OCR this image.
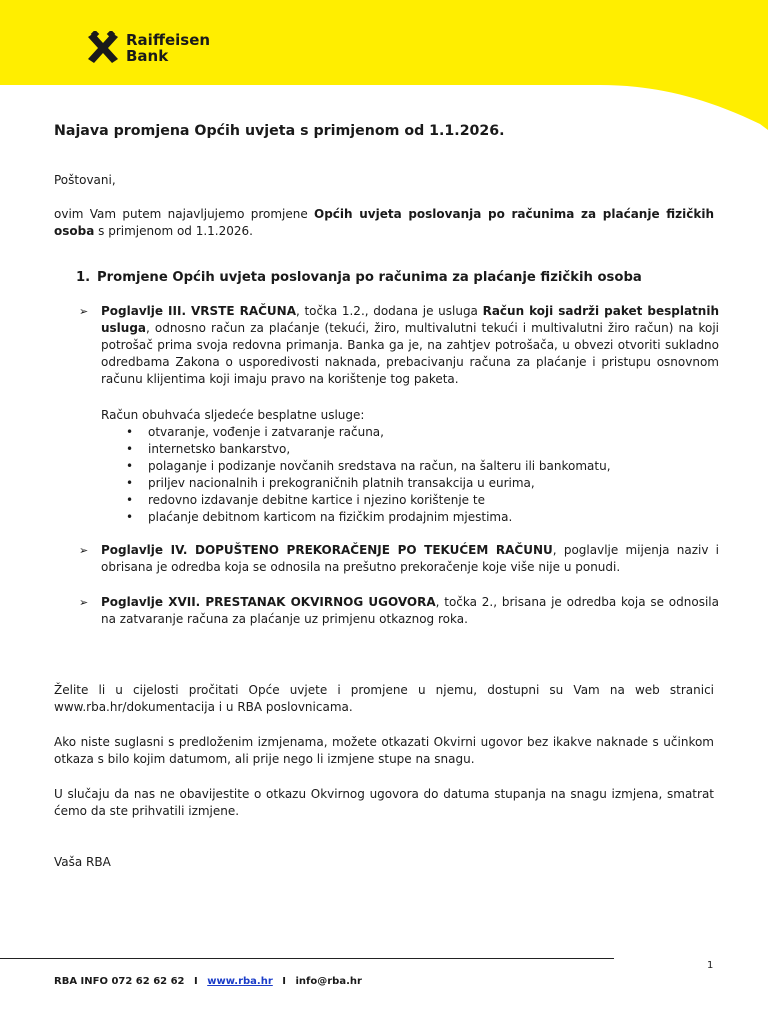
Raiffeisen
Bank
Najava promjena Općih uvjeta s primjenom od 1.1.2026.
Poštovani,
ovim Vam putem najavljujemo promjene Općih uvjeta poslovanja po računima za plaćanje fizičkih osoba s primjenom od 1.1.2026.
1. Promjene Općih uvjeta poslovanja po računima za plaćanje fizičkih osoba
➢ Poglavlje III. VRSTE RAČUNA, točka 1.2., dodana je usluga Račun koji sadrži paket besplatnih usluga, odnosno račun za plaćanje (tekući, žiro, multivalutni tekući i multivalutni žiro račun) na koji potrošač prima svoja redovna primanja. Banka ga je, na zahtjev potrošača, u obvezi otvoriti sukladno odredbama Zakona o usporedivosti naknada, prebacivanju računa za plaćanje i pristupu osnovnom računu klijentima koji imaju pravo na korištenje tog paketa.
Račun obuhvaća sljedeće besplatne usluge:
• otvaranje, vođenje i zatvaranje računa,
• internetsko bankarstvo,
• polaganje i podizanje novčanih sredstava na račun, na šalteru ili bankomatu,
• priljev nacionalnih i prekograničnih platnih transakcija u eurima,
• redovno izdavanje debitne kartice i njezino korištenje te
• plaćanje debitnom karticom na fizičkim prodajnim mjestima.
➢ Poglavlje IV. DOPUŠTENO PREKORAČENJE PO TEKUĆEM RAČUNU, poglavlje mijenja naziv i obrisana je odredba koja se odnosila na prešutno prekoračenje koje više nije u ponudi.
➢ Poglavlje XVII. PRESTANAK OKVIRNOG UGOVORA, točka 2., brisana je odredba koja se odnosila na zatvaranje računa za plaćanje uz primjenu otkaznog roka.
Želite li u cijelosti pročitati Opće uvjete i promjene u njemu, dostupni su Vam na web stranici www.rba.hr/dokumentacija i u RBA poslovnicama.
Ako niste suglasni s predloženim izmjenama, možete otkazati Okvirni ugovor bez ikakve naknade s učinkom otkaza s bilo kojim datumom, ali prije nego li izmjene stupe na snagu.
U slučaju da nas ne obavijestite o otkazu Okvirnog ugovora do datuma stupanja na snagu izmjena, smatrat ćemo da ste prihvatili izmjene.
Vaša RBA
1
RBA INFO 072 62 62 62 I www.rba.hr I info@rba.hr
